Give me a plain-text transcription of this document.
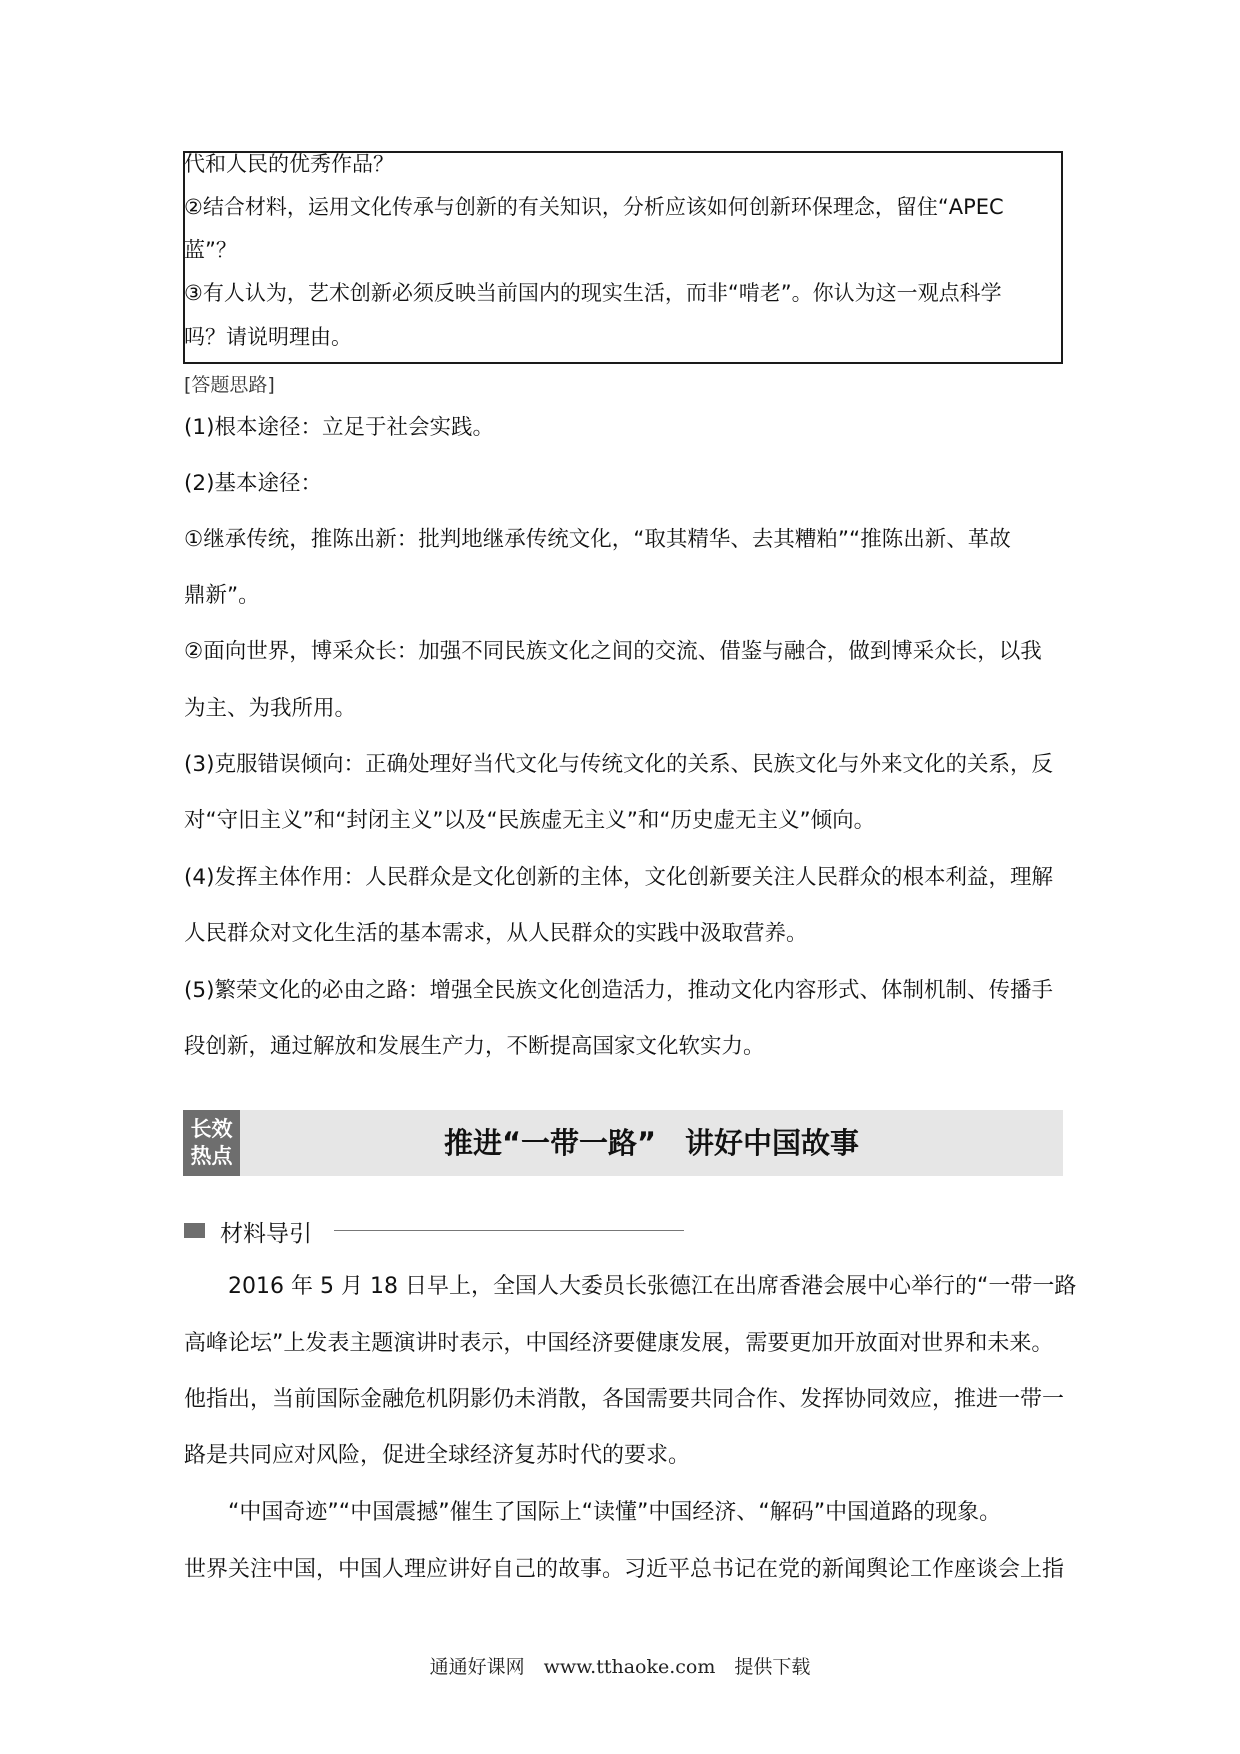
代和人民的优秀作品？
②结合材料，运用文化传承与创新的有关知识，分析应该如何创新环保理念，留住“APEC
蓝”？
③有人认为，艺术创新必须反映当前国内的现实生活，而非“啃老”。你认为这一观点科学
吗？请说明理由。
[答题思路]
(1)根本途径：立足于社会实践。
(2)基本途径：
①继承传统，推陈出新：批判地继承传统文化，“取其精华、去其糟粕”“推陈出新、革故
鼎新”。
②面向世界，博采众长：加强不同民族文化之间的交流、借鉴与融合，做到博采众长，以我
为主、为我所用。
(3)克服错误倾向：正确处理好当代文化与传统文化的关系、民族文化与外来文化的关系，反
对“守旧主义”和“封闭主义”以及“民族虚无主义”和“历史虚无主义”倾向。
(4)发挥主体作用：人民群众是文化创新的主体，文化创新要关注人民群众的根本利益，理解
人民群众对文化生活的基本需求，从人民群众的实践中汲取营养。
(5)繁荣文化的必由之路：增强全民族文化创造活力，推动文化内容形式、体制机制、传播手
段创新，通过解放和发展生产力，不断提高国家文化软实力。
长效
热点	推进“一带一路”　讲好中国故事
材料导引
　　2016 年 5 月 18 日早上，全国人大委员长张德江在出席香港会展中心举行的“一带一路
高峰论坛”上发表主题演讲时表示，中国经济要健康发展，需要更加开放面对世界和未来。
他指出，当前国际金融危机阴影仍未消散，各国需要共同合作、发挥协同效应，推进一带一
路是共同应对风险，促进全球经济复苏时代的要求。
　　“中国奇迹”“中国震撼”催生了国际上“读懂”中国经济、“解码”中国道路的现象。
世界关注中国，中国人理应讲好自己的故事。习近平总书记在党的新闻舆论工作座谈会上指
通通好课网　www.tthaoke.com　提供下载
